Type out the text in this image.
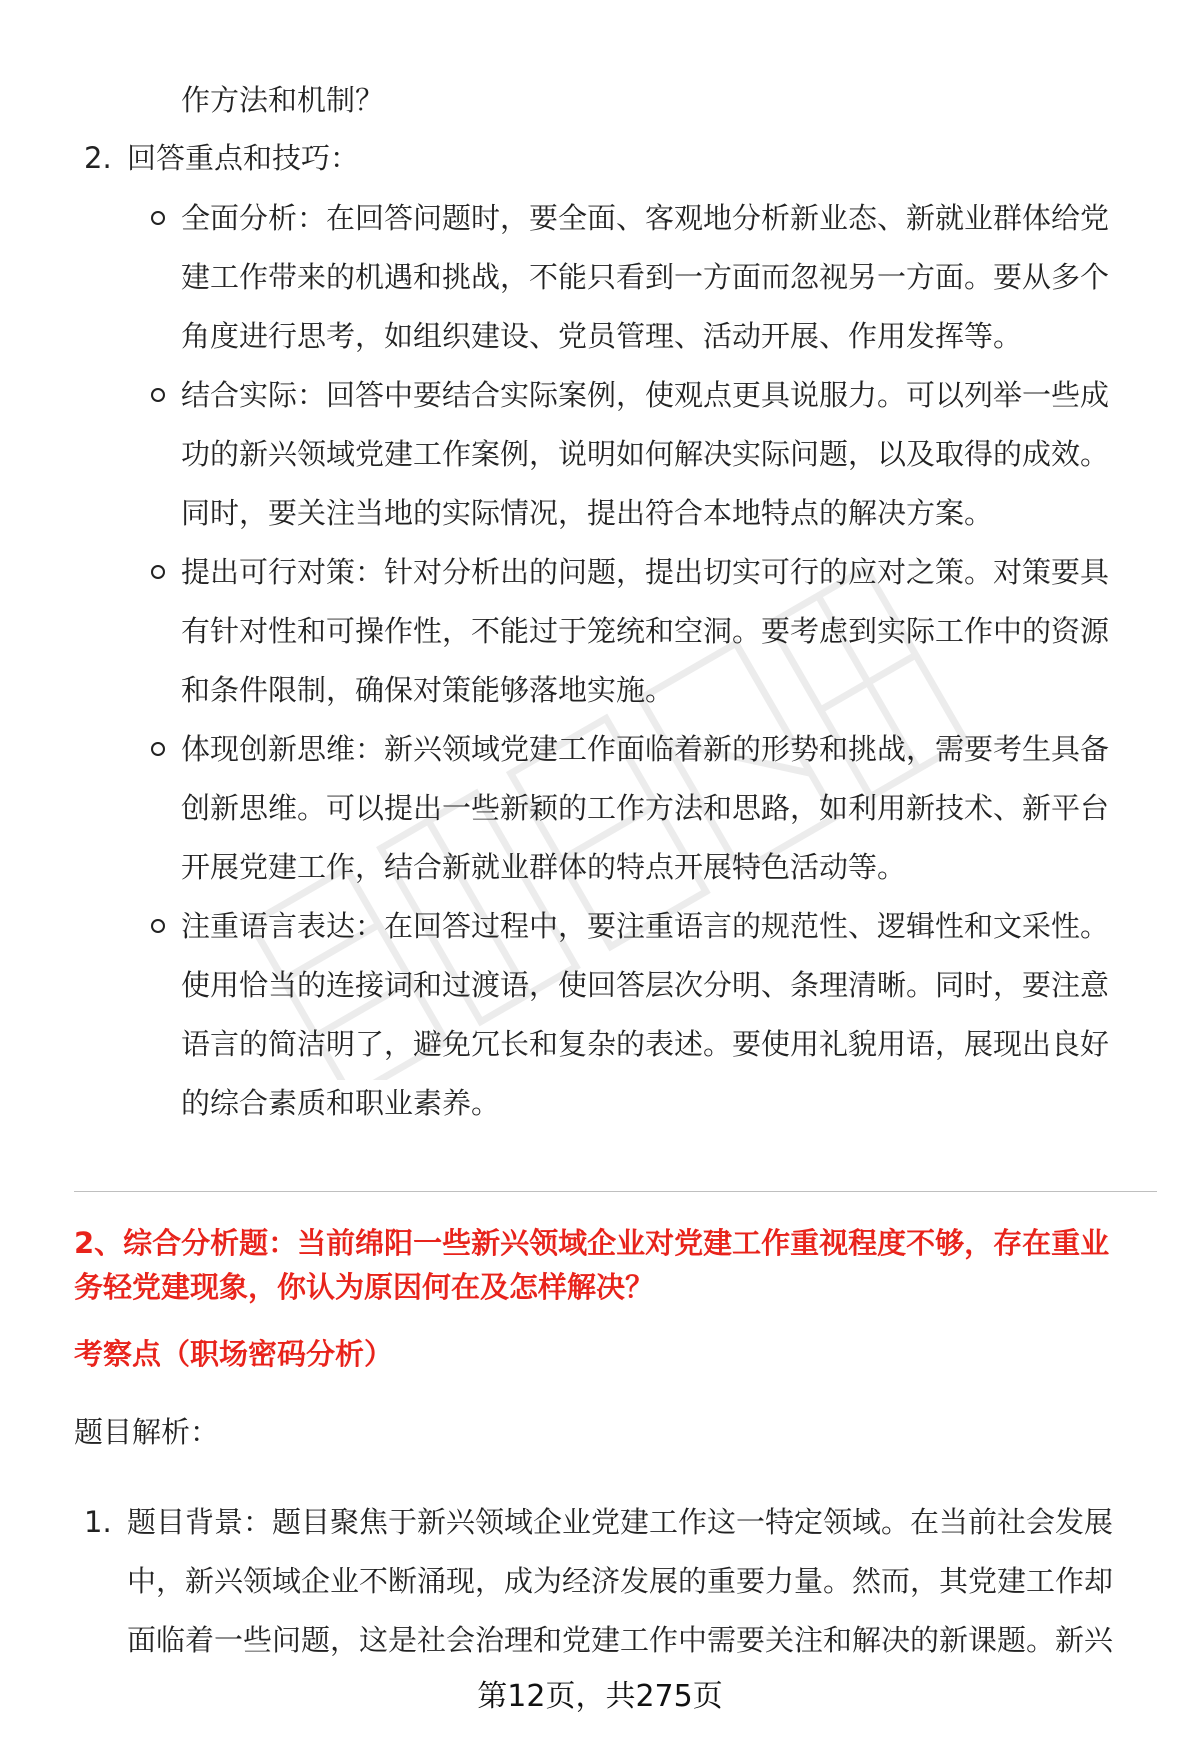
作方法和机制？
2. 回答重点和技巧：
全面分析：在回答问题时，要全面、客观地分析新业态、新就业群体给党
建工作带来的机遇和挑战，不能只看到一方面而忽视另一方面。要从多个
角度进行思考，如组织建设、党员管理、活动开展、作用发挥等。
结合实际：回答中要结合实际案例，使观点更具说服力。可以列举一些成
功的新兴领域党建工作案例，说明如何解决实际问题，以及取得的成效。
同时，要关注当地的实际情况，提出符合本地特点的解决方案。
提出可行对策：针对分析出的问题，提出切实可行的应对之策。对策要具
有针对性和可操作性，不能过于笼统和空洞。要考虑到实际工作中的资源
和条件限制，确保对策能够落地实施。
体现创新思维：新兴领域党建工作面临着新的形势和挑战，需要考生具备
创新思维。可以提出一些新颖的工作方法和思路，如利用新技术、新平台
开展党建工作，结合新就业群体的特点开展特色活动等。
注重语言表达：在回答过程中，要注重语言的规范性、逻辑性和文采性。
使用恰当的连接词和过渡语，使回答层次分明、条理清晰。同时，要注意
语言的简洁明了，避免冗长和复杂的表述。要使用礼貌用语，展现出良好
的综合素质和职业素养。
2、综合分析题：当前绵阳一些新兴领域企业对党建工作重视程度不够，存在重业
务轻党建现象，你认为原因何在及怎样解决？
考察点（职场密码分析）
题目解析：
1. 题目背景：题目聚焦于新兴领域企业党建工作这一特定领域。在当前社会发展
中，新兴领域企业不断涌现，成为经济发展的重要力量。然而，其党建工作却
面临着一些问题，这是社会治理和党建工作中需要关注和解决的新课题。新兴
第12页，共275页
